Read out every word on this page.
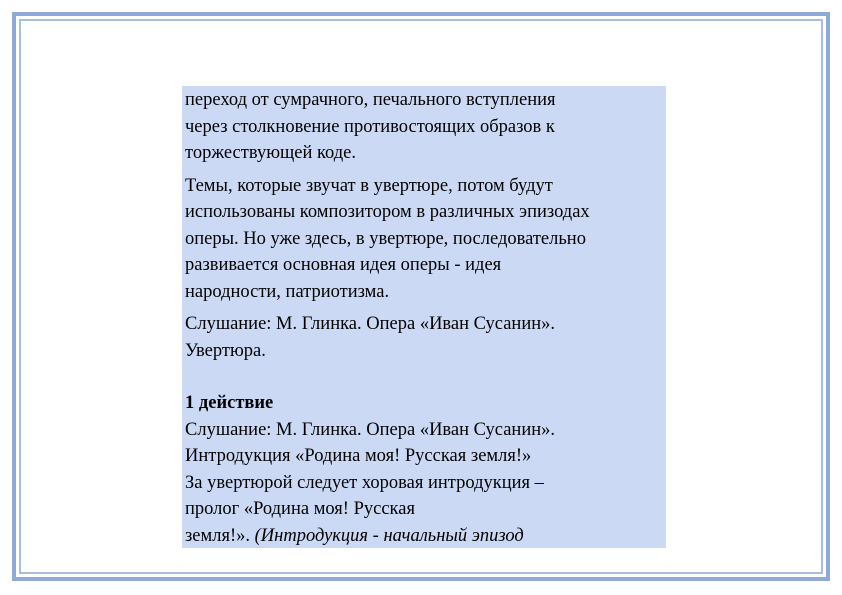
переход от сумрачного, печального вступления
через столкновение противостоящих образов к
торжествующей коде.
Темы, которые звучат в увертюре, потом будут
использованы композитором в различных эпизодах
оперы. Но уже здесь, в увертюре, последовательно
развивается основная идея оперы - идея
народности, патриотизма.
Слушание: М. Глинка. Опера «Иван Сусанин».
Увертюра.
1 действие
Слушание: М. Глинка. Опера «Иван Сусанин».
Интродукция «Родина моя! Русская земля!»
За увертюрой следует хоровая интродукция –
пролог «Родина моя! Русская
земля!». (Интродукция - начальный эпизод
